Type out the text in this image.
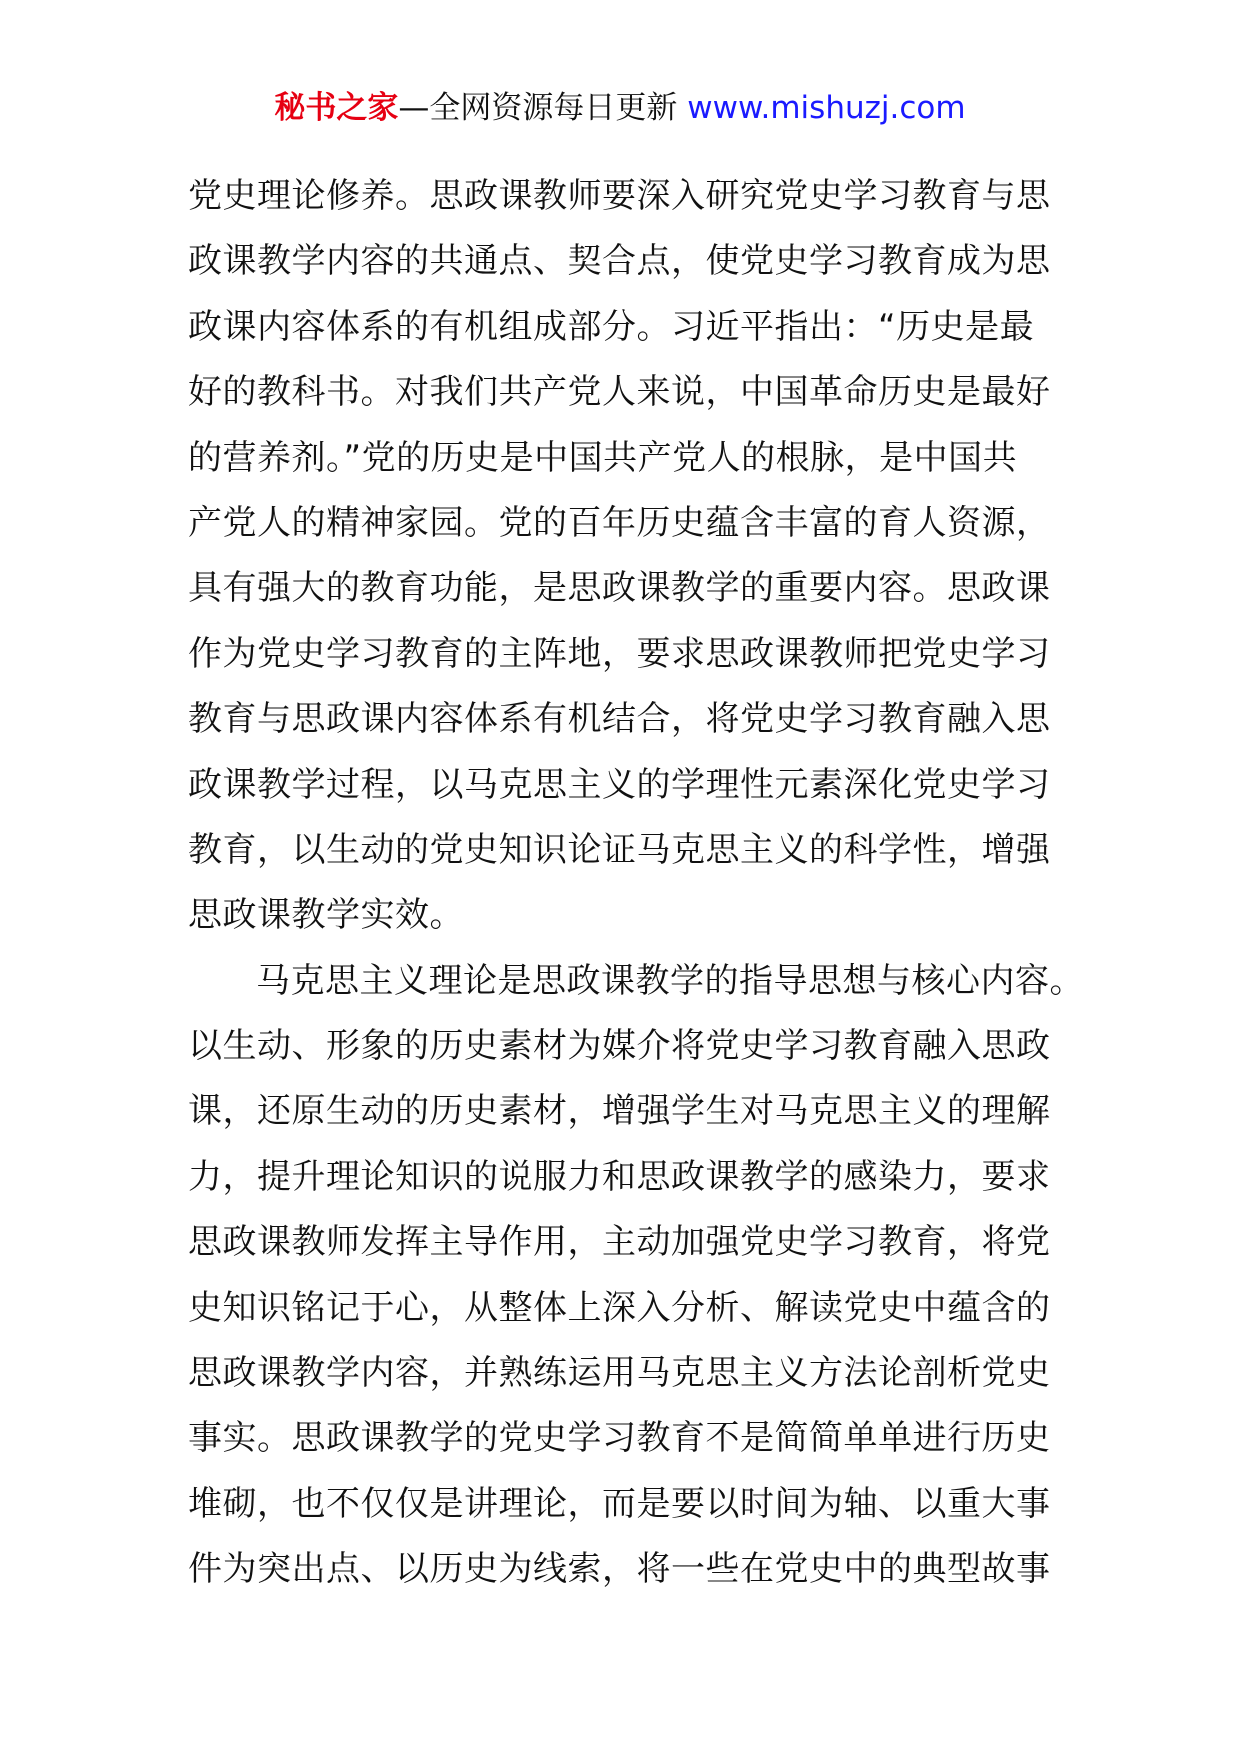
秘书之家—全网资源每日更新 www.mishuzj.com
党史理论修养。思政课教师要深入研究党史学习教育与思
政课教学内容的共通点、契合点，使党史学习教育成为思
政课内容体系的有机组成部分。习近平指出：“历史是最
好的教科书。对我们共产党人来说，中国革命历史是最好
的营养剂。”党的历史是中国共产党人的根脉，是中国共
产党人的精神家园。党的百年历史蕴含丰富的育人资源，
具有强大的教育功能，是思政课教学的重要内容。思政课
作为党史学习教育的主阵地，要求思政课教师把党史学习
教育与思政课内容体系有机结合，将党史学习教育融入思
政课教学过程，以马克思主义的学理性元素深化党史学习
教育，以生动的党史知识论证马克思主义的科学性，增强
思政课教学实效。
马克思主义理论是思政课教学的指导思想与核心内容。
以生动、形象的历史素材为媒介将党史学习教育融入思政
课，还原生动的历史素材，增强学生对马克思主义的理解
力，提升理论知识的说服力和思政课教学的感染力，要求
思政课教师发挥主导作用，主动加强党史学习教育，将党
史知识铭记于心，从整体上深入分析、解读党史中蕴含的
思政课教学内容，并熟练运用马克思主义方法论剖析党史
事实。思政课教学的党史学习教育不是简简单单进行历史
堆砌，也不仅仅是讲理论，而是要以时间为轴、以重大事
件为突出点、以历史为线索，将一些在党史中的典型故事
